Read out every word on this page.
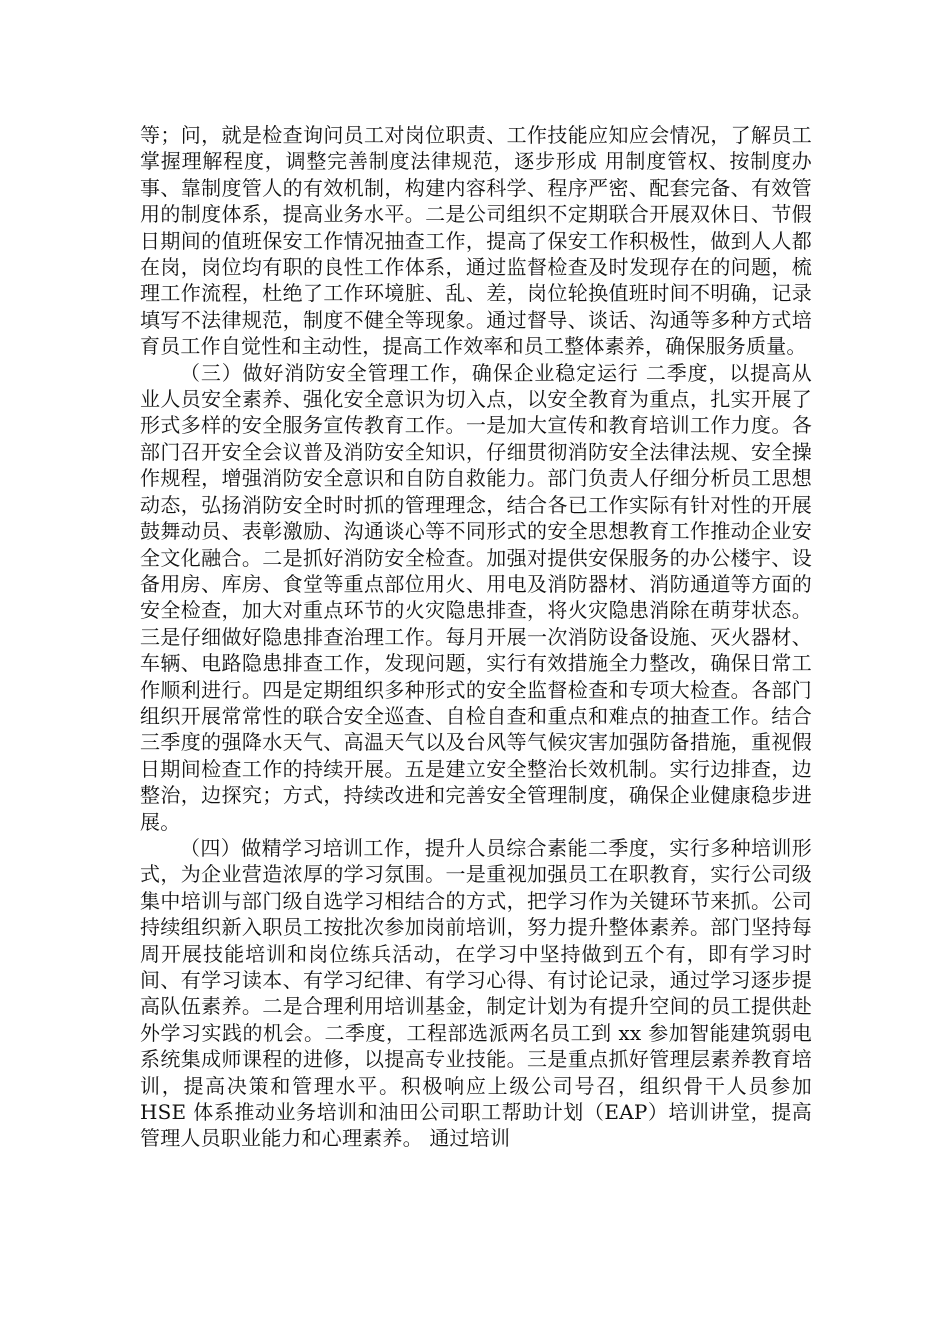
等；问，就是检查询问员工对岗位职责、工作技能应知应会情况，了解员工掌握理解程度，调整完善制度法律规范，逐步形成 用制度管权、按制度办事、靠制度管人的有效机制，构建内容科学、程序严密、配套完备、有效管用的制度体系，提高业务水平。二是公司组织不定期联合开展双休日、节假日期间的值班保安工作情况抽查工作，提高了保安工作积极性，做到人人都在岗，岗位均有职的良性工作体系，通过监督检查及时发现存在的问题，梳理工作流程，杜绝了工作环境脏、乱、差，岗位轮换值班时间不明确，记录填写不法律规范，制度不健全等现象。通过督导、谈话、沟通等多种方式培育员工作自觉性和主动性，提高工作效率和员工整体素养，确保服务质量。

（三）做好消防安全管理工作，确保企业稳定运行 二季度，以提高从业人员安全素养、强化安全意识为切入点，以安全教育为重点，扎实开展了形式多样的安全服务宣传教育工作。一是加大宣传和教育培训工作力度。各部门召开安全会议普及消防安全知识，仔细贯彻消防安全法律法规、安全操作规程，增强消防安全意识和自防自救能力。部门负责人仔细分析员工思想动态，弘扬消防安全时时抓的管理理念，结合各已工作实际有针对性的开展鼓舞动员、表彰激励、沟通谈心等不同形式的安全思想教育工作推动企业安全文化融合。二是抓好消防安全检查。加强对提供安保服务的办公楼宇、设备用房、库房、食堂等重点部位用火、用电及消防器材、消防通道等方面的安全检查，加大对重点环节的火灾隐患排查，将火灾隐患消除在萌芽状态。三是仔细做好隐患排查治理工作。每月开展一次消防设备设施、灭火器材、车辆、电路隐患排查工作，发现问题，实行有效措施全力整改，确保日常工作顺利进行。四是定期组织多种形式的安全监督检查和专项大检查。各部门组织开展常常性的联合安全巡查、自检自查和重点和难点的抽查工作。结合三季度的强降水天气、高温天气以及台风等气候灾害加强防备措施，重视假日期间检查工作的持续开展。五是建立安全整治长效机制。实行边排查，边整治，边探究；方式，持续改进和完善安全管理制度，确保企业健康稳步进展。

（四）做精学习培训工作，提升人员综合素能二季度，实行多种培训形式，为企业营造浓厚的学习氛围。一是重视加强员工在职教育，实行公司级集中培训与部门级自选学习相结合的方式，把学习作为关键环节来抓。公司持续组织新入职员工按批次参加岗前培训，努力提升整体素养。部门坚持每周开展技能培训和岗位练兵活动，在学习中坚持做到五个有，即有学习时间、有学习读本、有学习纪律、有学习心得、有讨论记录，通过学习逐步提高队伍素养。二是合理利用培训基金，制定计划为有提升空间的员工提供赴外学习实践的机会。二季度，工程部选派两名员工到 xx 参加智能建筑弱电系统集成师课程的进修，以提高专业技能。三是重点抓好管理层素养教育培训，提高决策和管理水平。积极响应上级公司号召，组织骨干人员参加 HSE 体系推动业务培训和油田公司职工帮助计划（EAP）培训讲堂，提高管理人员职业能力和心理素养。 通过培训
